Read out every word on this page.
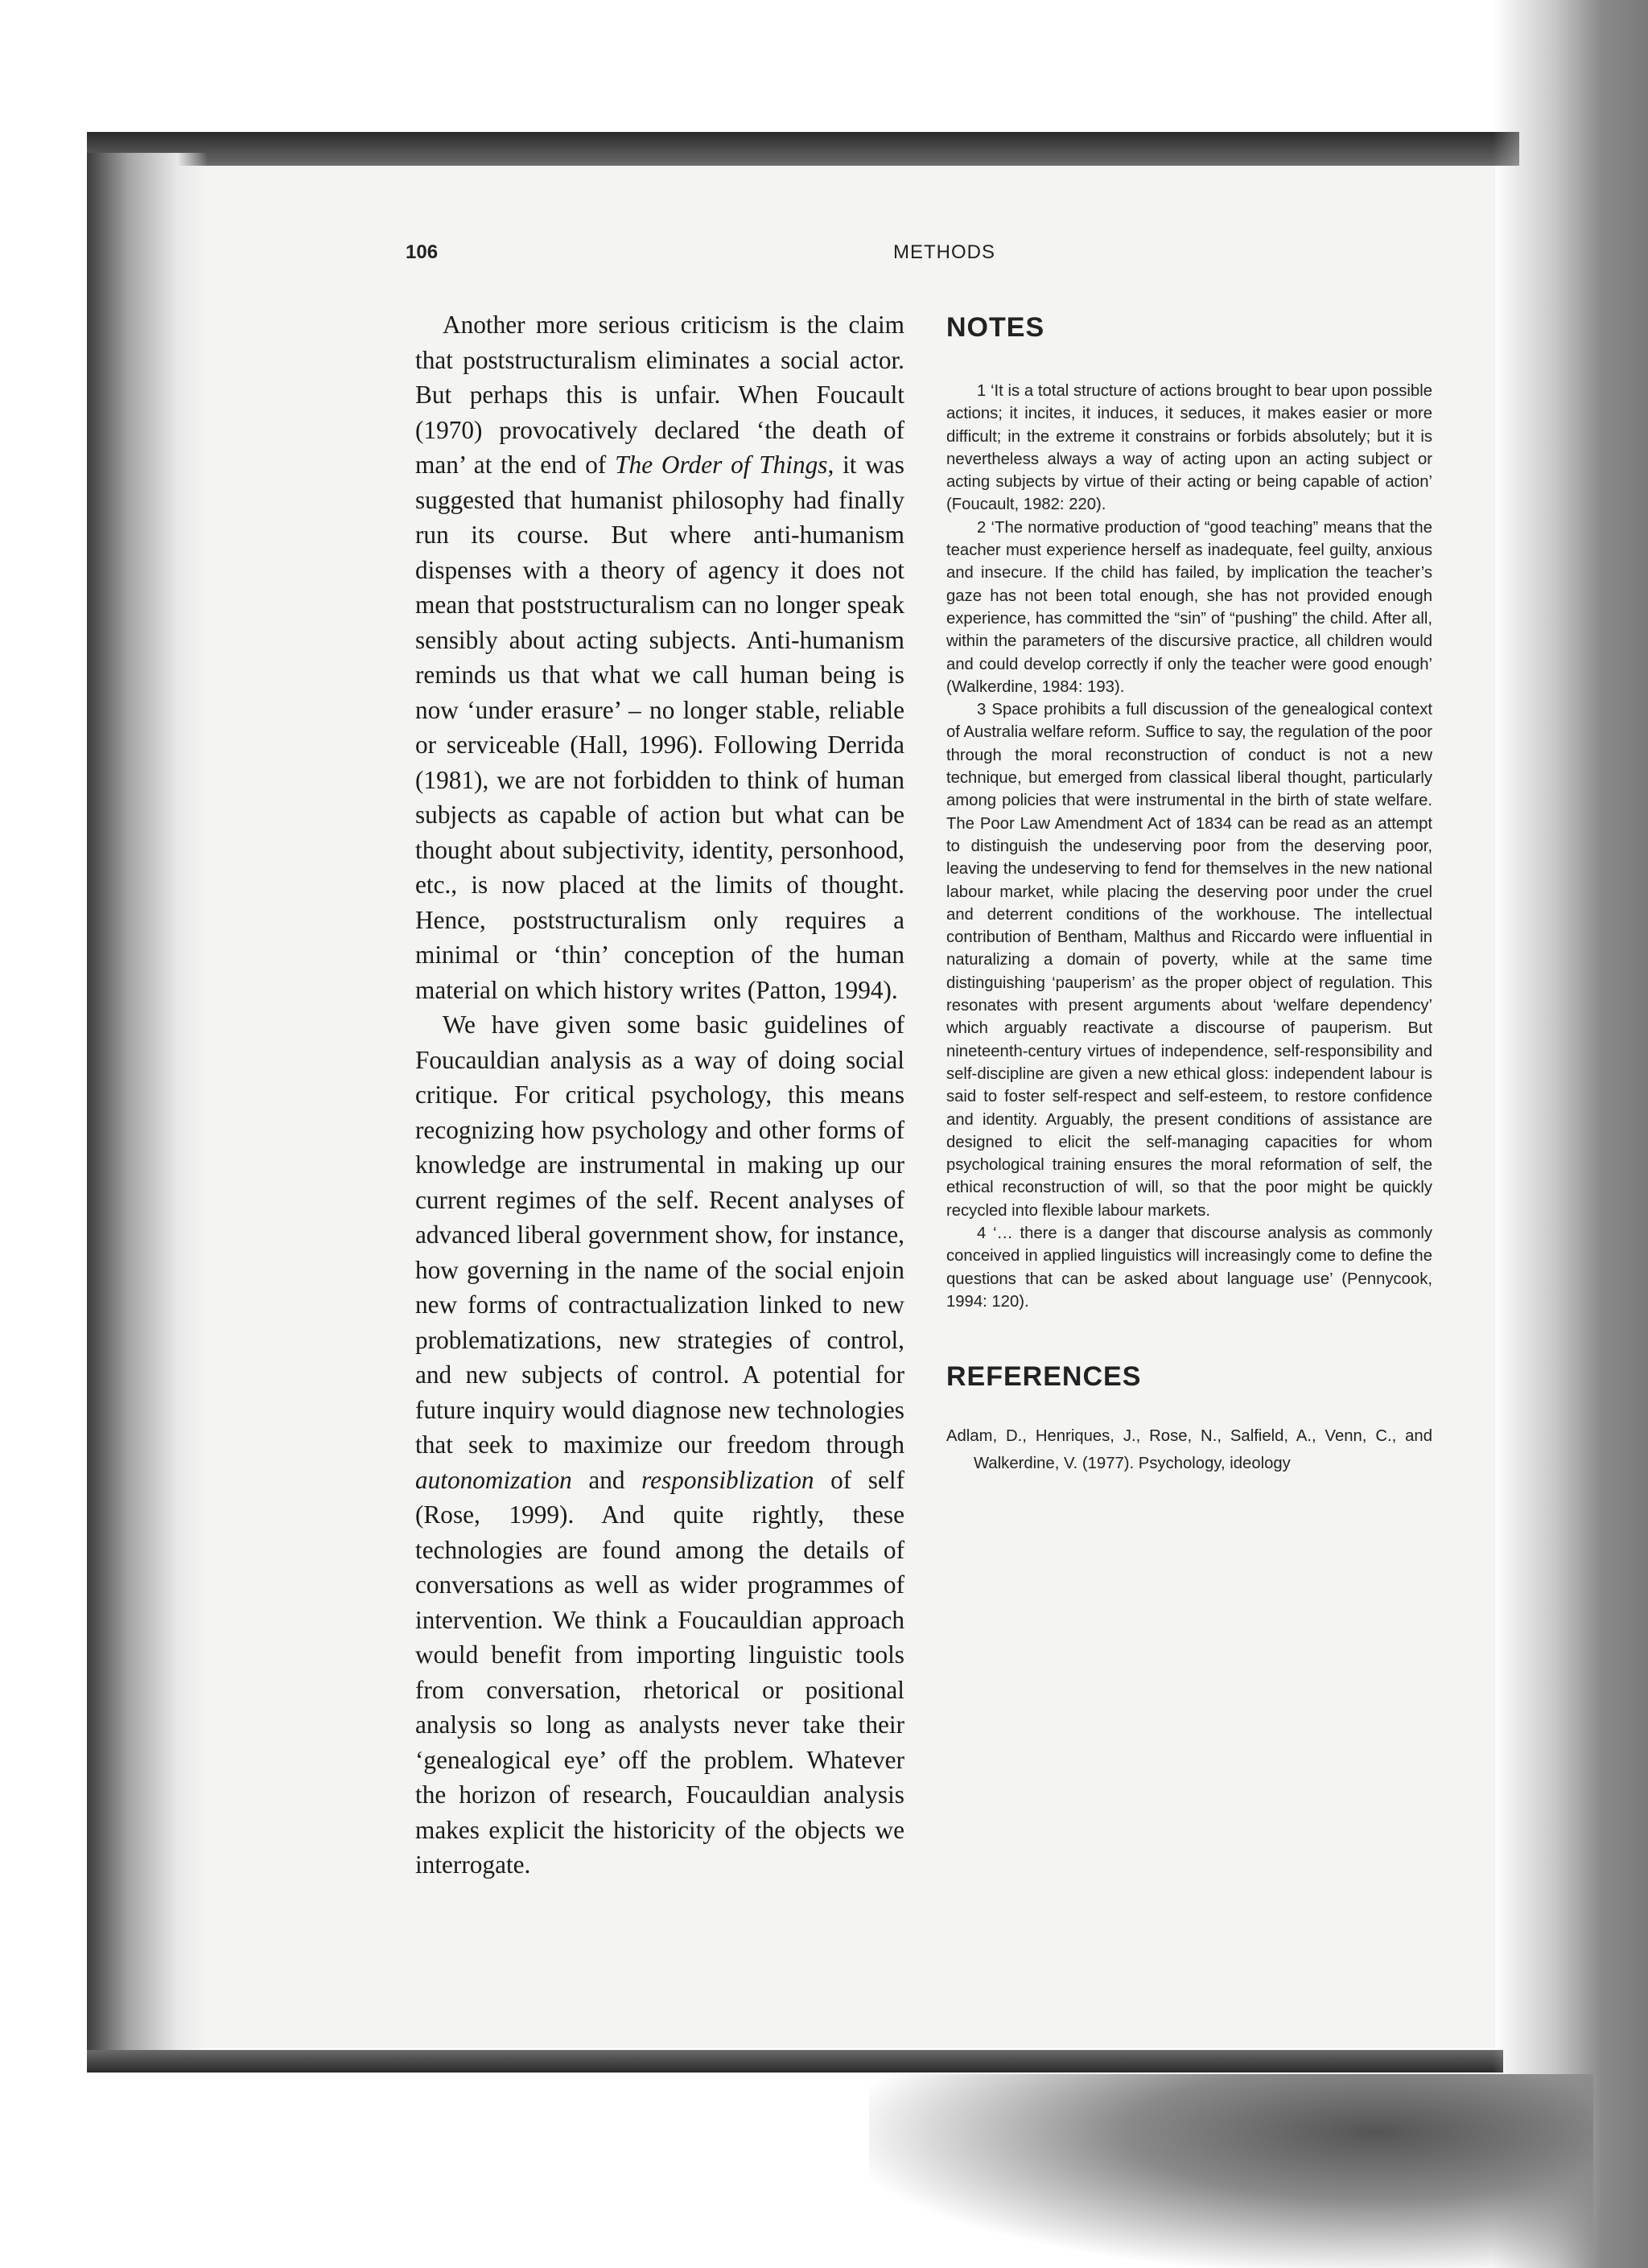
106	METHODS

Another more serious criticism is the claim that poststructuralism eliminates a social actor. But perhaps this is unfair. When Foucault (1970) provocatively declared ‘the death of man’ at the end of The Order of Things, it was suggested that humanist philosophy had finally run its course. But where anti-humanism dispenses with a theory of agency it does not mean that poststructuralism can no longer speak sensibly about acting subjects. Anti-humanism reminds us that what we call human being is now ‘under erasure’ – no longer stable, reliable or serviceable (Hall, 1996). Following Derrida (1981), we are not forbidden to think of human subjects as capable of action but what can be thought about subjectivity, identity, personhood, etc., is now placed at the limits of thought. Hence, poststructuralism only requires a minimal or ‘thin’ conception of the human material on which history writes (Patton, 1994).

We have given some basic guidelines of Foucauldian analysis as a way of doing social critique. For critical psychology, this means recognizing how psychology and other forms of knowledge are instrumental in making up our current regimes of the self. Recent analyses of advanced liberal government show, for instance, how governing in the name of the social enjoin new forms of contractualization linked to new problematizations, new strategies of control, and new subjects of control. A potential for future inquiry would diagnose new technologies that seek to maximize our freedom through autonomization and responsiblization of self (Rose, 1999). And quite rightly, these technologies are found among the details of conversations as well as wider programmes of intervention. We think a Foucauldian approach would benefit from importing linguistic tools from conversation, rhetorical or positional analysis so long as analysts never take their ‘genealogical eye’ off the problem. Whatever the horizon of research, Foucauldian analysis makes explicit the historicity of the objects we interrogate.

NOTES

1 ‘It is a total structure of actions brought to bear upon possible actions; it incites, it induces, it seduces, it makes easier or more difficult; in the extreme it constrains or forbids absolutely; but it is nevertheless always a way of acting upon an acting subject or acting subjects by virtue of their acting or being capable of action’ (Foucault, 1982: 220).

2 ‘The normative production of “good teaching” means that the teacher must experience herself as inadequate, feel guilty, anxious and insecure. If the child has failed, by implication the teacher’s gaze has not been total enough, she has not provided enough experience, has committed the “sin” of “pushing” the child. After all, within the parameters of the discursive practice, all children would and could develop correctly if only the teacher were good enough’ (Walkerdine, 1984: 193).

3 Space prohibits a full discussion of the genealogical context of Australia welfare reform. Suffice to say, the regulation of the poor through the moral reconstruction of conduct is not a new technique, but emerged from classical liberal thought, particularly among policies that were instrumental in the birth of state welfare. The Poor Law Amendment Act of 1834 can be read as an attempt to distinguish the undeserving poor from the deserving poor, leaving the undeserving to fend for themselves in the new national labour market, while placing the deserving poor under the cruel and deterrent conditions of the workhouse. The intellectual contribution of Bentham, Malthus and Riccardo were influential in naturalizing a domain of poverty, while at the same time distinguishing ‘pauperism’ as the proper object of regulation. This resonates with present arguments about ‘welfare dependency’ which arguably reactivate a discourse of pauperism. But nineteenth-century virtues of independence, self-responsibility and self-discipline are given a new ethical gloss: independent labour is said to foster self-respect and self-esteem, to restore confidence and identity. Arguably, the present conditions of assistance are designed to elicit the self-managing capacities for whom psychological training ensures the moral reformation of self, the ethical reconstruction of will, so that the poor might be quickly recycled into flexible labour markets.

4 ‘… there is a danger that discourse analysis as commonly conceived in applied linguistics will increasingly come to define the questions that can be asked about language use’ (Pennycook, 1994: 120).

REFERENCES

Adlam, D., Henriques, J., Rose, N., Salfield, A., Venn, C., and Walkerdine, V. (1977). Psychology, ideology
